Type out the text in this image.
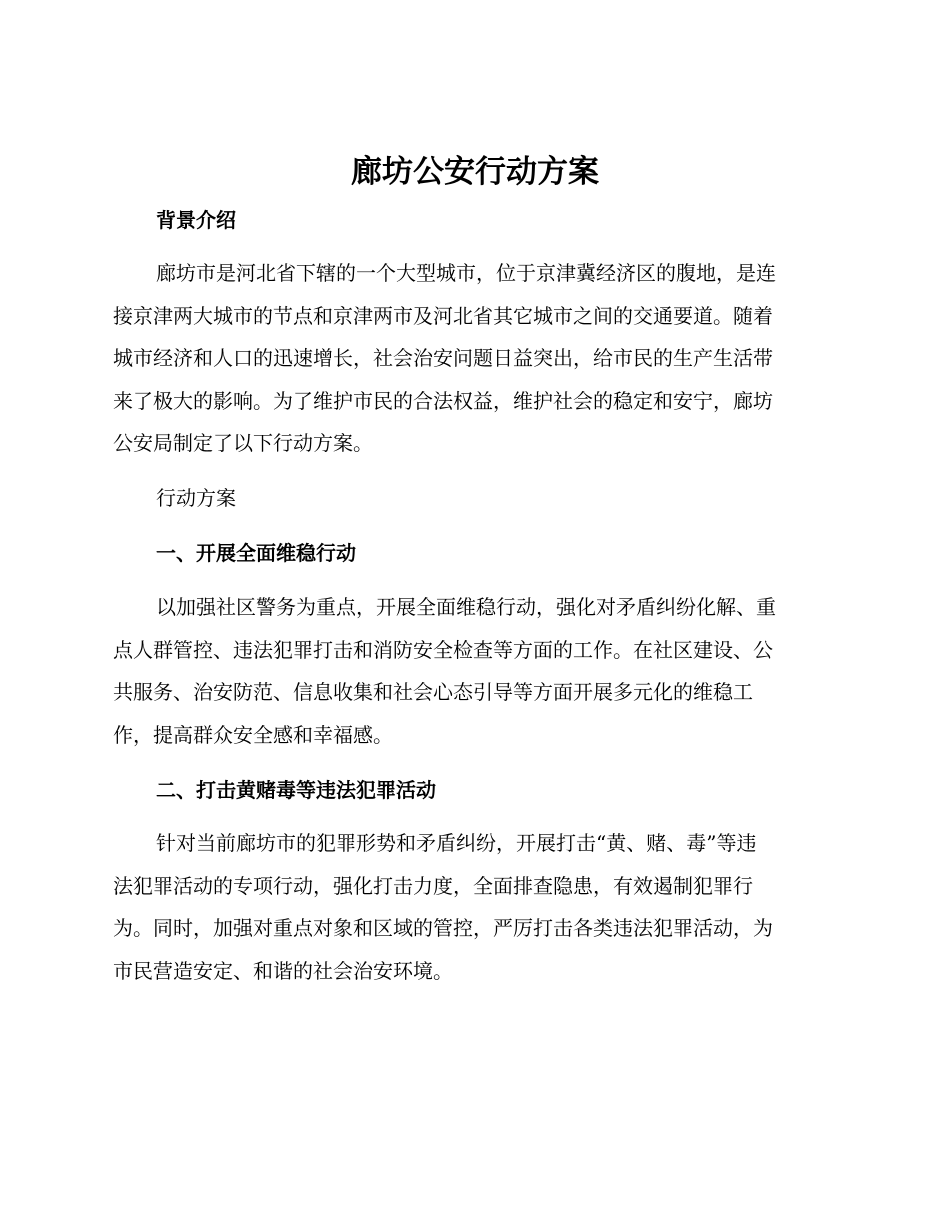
廊坊公安行动方案
背景介绍
廊坊市是河北省下辖的一个大型城市，位于京津冀经济区的腹地，是连
接京津两大城市的节点和京津两市及河北省其它城市之间的交通要道。随着
城市经济和人口的迅速增长，社会治安问题日益突出，给市民的生产生活带
来了极大的影响。为了维护市民的合法权益，维护社会的稳定和安宁，廊坊
公安局制定了以下行动方案。
行动方案
一、开展全面维稳行动
以加强社区警务为重点，开展全面维稳行动，强化对矛盾纠纷化解、重
点人群管控、违法犯罪打击和消防安全检查等方面的工作。在社区建设、公
共服务、治安防范、信息收集和社会心态引导等方面开展多元化的维稳工
作，提高群众安全感和幸福感。
二、打击黄赌毒等违法犯罪活动
针对当前廊坊市的犯罪形势和矛盾纠纷，开展打击“黄、赌、毒”等违
法犯罪活动的专项行动，强化打击力度，全面排查隐患，有效遏制犯罪行
为。同时，加强对重点对象和区域的管控，严厉打击各类违法犯罪活动，为
市民营造安定、和谐的社会治安环境。
